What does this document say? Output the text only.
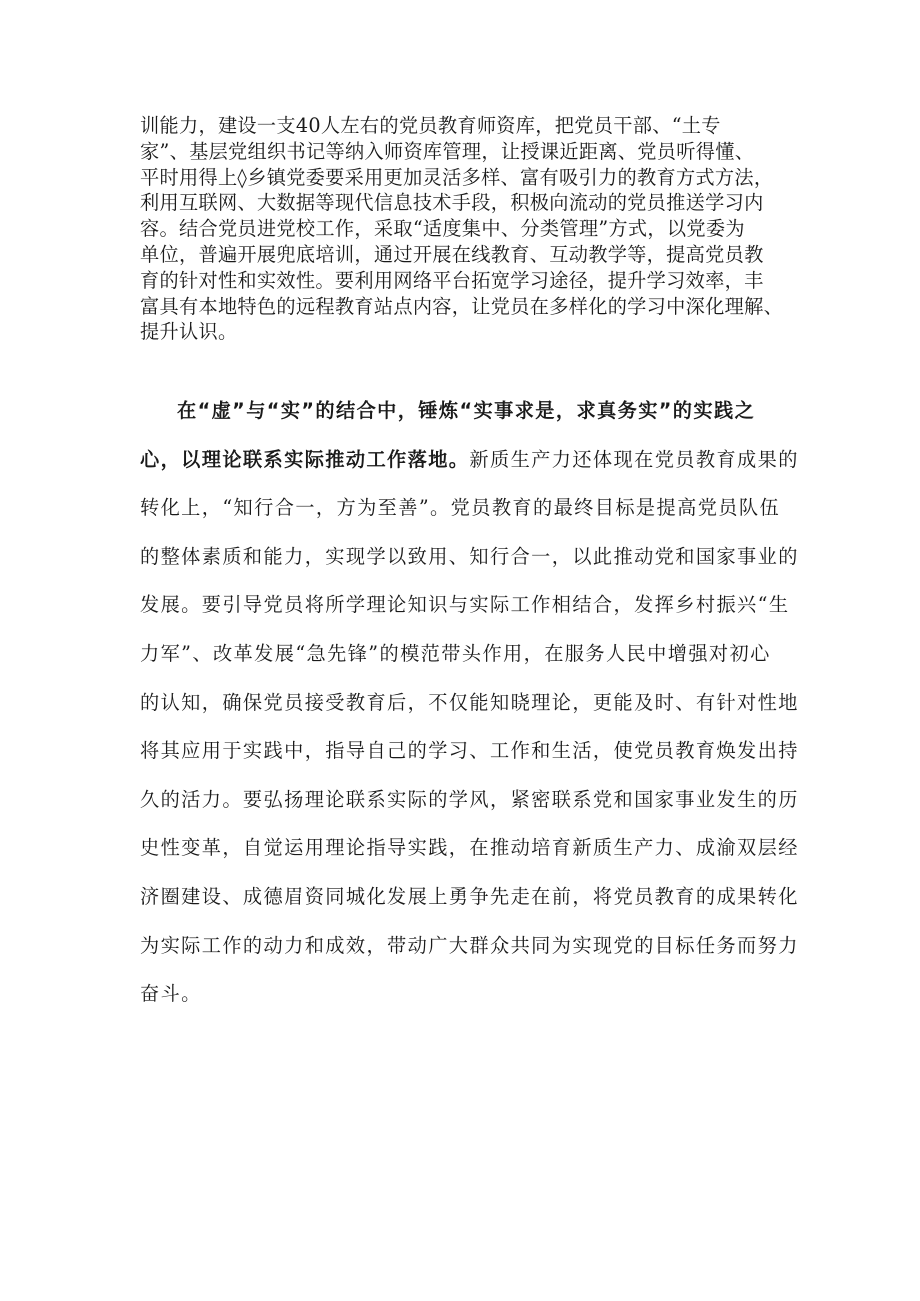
训能力，建设一支40人左右的党员教育师资库，把党员干部、“土专
家”、基层党组织书记等纳入师资库管理，让授课近距离、党员听得懂、
平时用得上◊乡镇党委要采用更加灵活多样、富有吸引力的教育方式方法，
利用互联网、大数据等现代信息技术手段，积极向流动的党员推送学习内
容。结合党员进党校工作，采取“适度集中、分类管理”方式，以党委为
单位，普遍开展兜底培训，通过开展在线教育、互动教学等，提高党员教
育的针对性和实效性。要利用网络平台拓宽学习途径，提升学习效率，丰
富具有本地特色的远程教育站点内容，让党员在多样化的学习中深化理解、
提升认识。
在“虚”与“实”的结合中，锤炼“实事求是，求真务实”的实践之
心，以理论联系实际推动工作落地。新质生产力还体现在党员教育成果的
转化上，“知行合一，方为至善”。党员教育的最终目标是提高党员队伍
的整体素质和能力，实现学以致用、知行合一，以此推动党和国家事业的
发展。要引导党员将所学理论知识与实际工作相结合，发挥乡村振兴“生
力军”、改革发展“急先锋”的模范带头作用，在服务人民中增强对初心
的认知，确保党员接受教育后，不仅能知晓理论，更能及时、有针对性地
将其应用于实践中，指导自己的学习、工作和生活，使党员教育焕发出持
久的活力。要弘扬理论联系实际的学风，紧密联系党和国家事业发生的历
史性变革，自觉运用理论指导实践，在推动培育新质生产力、成渝双层经
济圈建设、成德眉资同城化发展上勇争先走在前，将党员教育的成果转化
为实际工作的动力和成效，带动广大群众共同为实现党的目标任务而努力
奋斗。
